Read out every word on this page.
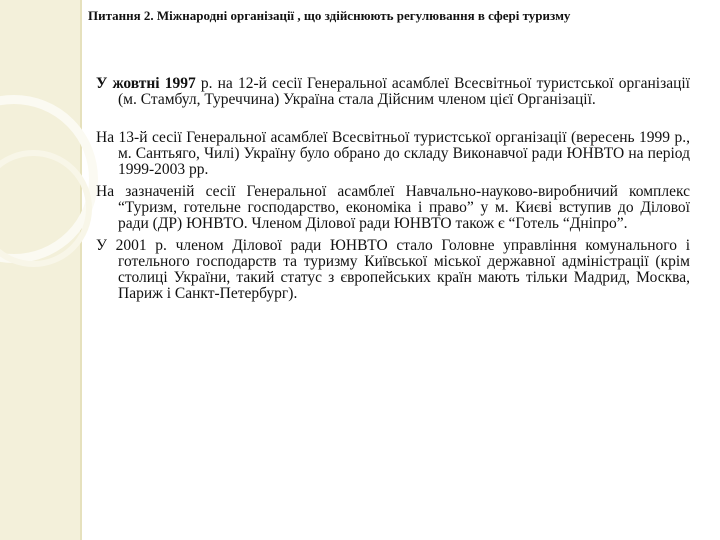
Питання 2. Міжнародні організації , що здійснюють регулювання в сфері туризму

У жовтні 1997 р. на 12-й сесії Генеральної асамблеї Всесвітньої туристської організації (м. Стамбул, Туреччина) Україна стала Дійсним членом цієї Організації.

На 13-й сесії Генеральної асамблеї Всесвітньої туристської організації (вересень 1999 р., м. Сантьяго, Чилі) Україну було обрано до складу Виконавчої ради ЮНВТО на період 1999-2003 рр.

На зазначеній сесії Генеральної асамблеї Навчально-науково-виробничий комплекс “Туризм, готельне господарство, економіка і право” у м. Києві вступив до Ділової ради (ДР) ЮНВТО. Членом Ділової ради ЮНВТО також є “Готель “Дніпро”.

У 2001 р. членом Ділової ради ЮНВТО стало Головне управління комунального і готельного господарств та туризму Київської міської державної адміністрації (крім столиці України, такий статус з європейських країн мають тільки Мадрид, Москва, Париж і Санкт-Петербург).
